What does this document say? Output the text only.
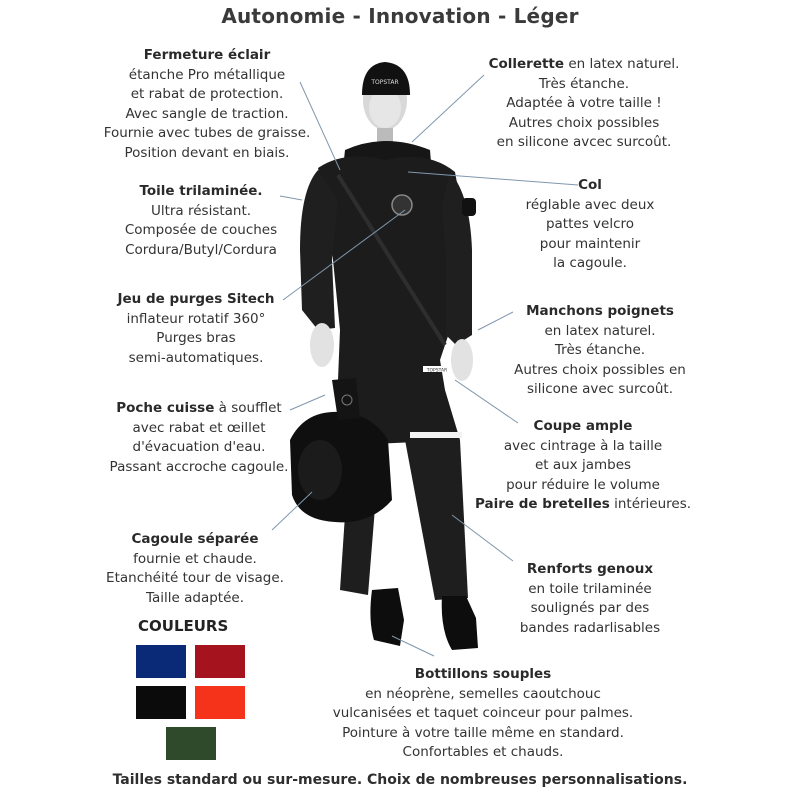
Autonomie - Innovation - Léger
TOPSTAR
TOPSTAR
Fermeture éclair
étanche Pro métallique
et rabat de protection.
Avec sangle de traction.
Fournie avec tubes de graisse.
Position devant en biais.
Toile trilaminée.
Ultra résistant.
Composée de couches
Cordura/Butyl/Cordura
Jeu de purges Sitech
inflateur rotatif 360°
Purges bras
semi-automatiques.
Poche cuisse à soufflet
avec rabat et œillet
d'évacuation d'eau.
Passant accroche cagoule.
Cagoule séparée
fournie et chaude.
Etanchéité tour de visage.
Taille adaptée.
Collerette en latex naturel.
Très étanche.
Adaptée à votre taille !
Autres choix possibles
en silicone avcec surcoût.
Col
réglable avec deux
pattes velcro
pour maintenir
la cagoule.
Manchons poignets
en latex naturel.
Très étanche.
Autres choix possibles en
silicone avec surcoût.
Coupe ample
avec cintrage à la taille
et aux jambes
pour réduire le volume
Paire de bretelles intérieures.
Renforts genoux
en toile trilaminée
soulignés par des
bandes radarlisables
Bottillons souples
en néoprène, semelles caoutchouc
vulcanisées et taquet coinceur pour palmes.
Pointure à votre taille même en standard.
Confortables et chauds.
COULEURS
Tailles standard ou sur-mesure. Choix de nombreuses personnalisations.
